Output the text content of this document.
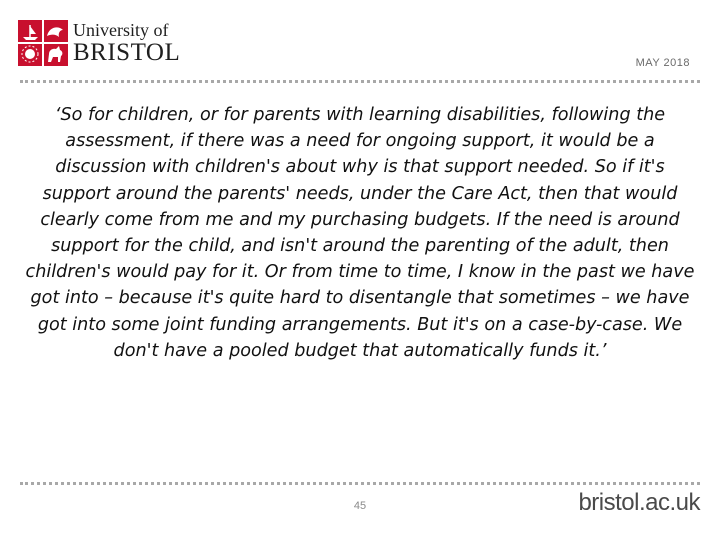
University of
BRISTOL	MAY 2018

‘So for children, or for parents with learning disabilities, following the assessment, if there was a need for ongoing support, it would be a discussion with children's about why is that support needed. So if it's support around the parents' needs, under the Care Act, then that would clearly come from me and my purchasing budgets. If the need is around support for the child, and isn't around the parenting of the adult, then children's would pay for it. Or from time to time, I know in the past we have got into – because it's quite hard to disentangle that sometimes – we have got into some joint funding arrangements. But it's on a case-by-case. We don't have a pooled budget that automatically funds it.’

45	bristol.ac.uk
